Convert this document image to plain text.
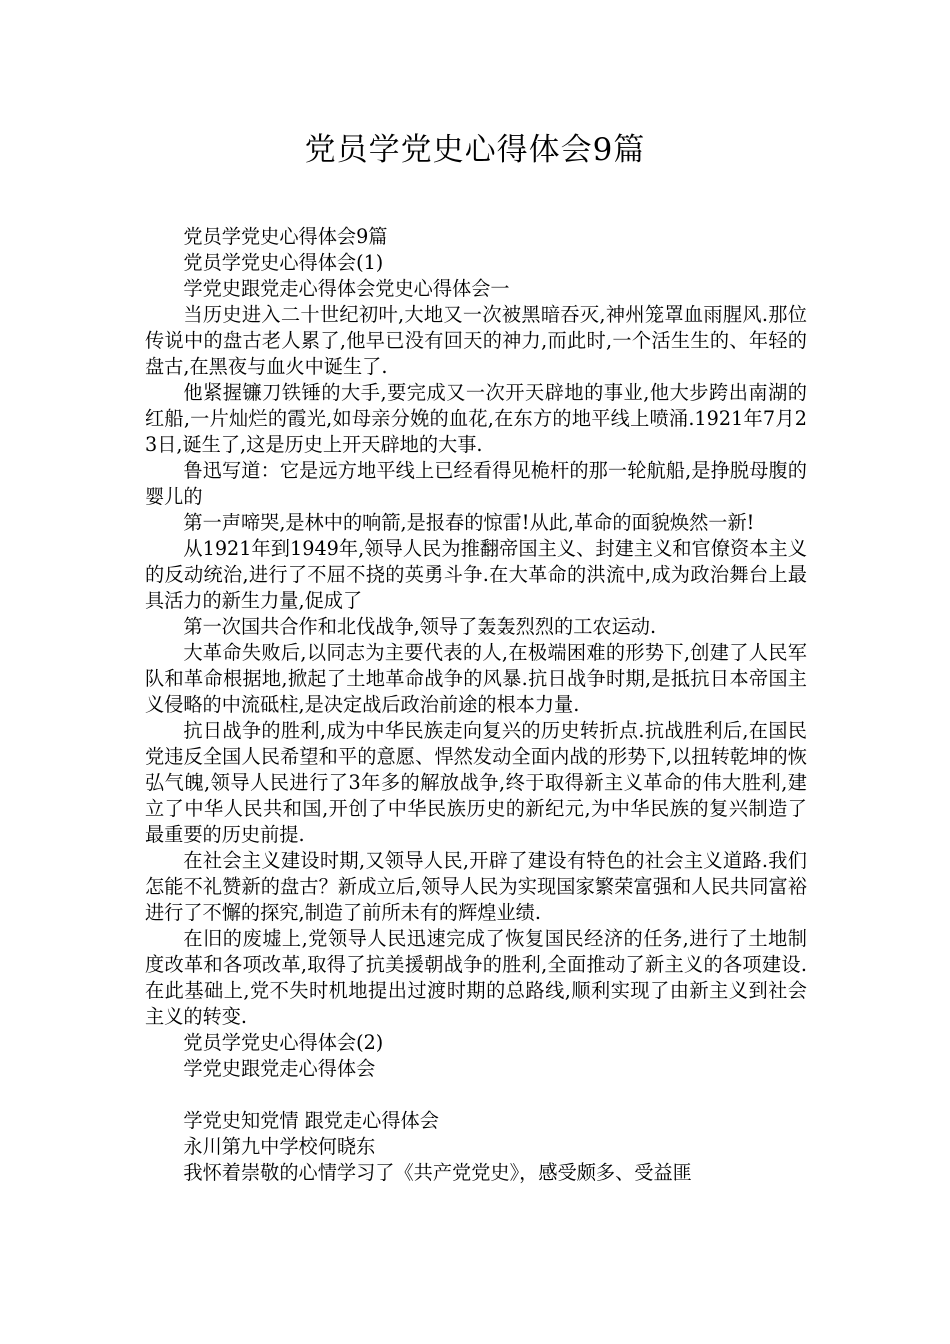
党员学党史心得体会9篇

党员学党史心得体会9篇

党员学党史心得体会(1)

学党史跟党走心得体会党史心得体会一

当历史进入二十世纪初叶,大地又一次被黑暗吞灭,神州笼罩血雨腥风.那位传说中的盘古老人累了,他早已没有回天的神力,而此时,一个活生生的、年轻的盘古,在黑夜与血火中诞生了.

他紧握镰刀铁锤的大手,要完成又一次开天辟地的事业,他大步跨出南湖的红船,一片灿烂的霞光,如母亲分娩的血花,在东方的地平线上喷涌.1921年7月23日,诞生了,这是历史上开天辟地的大事.

鲁迅写道：它是远方地平线上已经看得见桅杆的那一轮航船,是挣脱母腹的婴儿的

第一声啼哭,是林中的响箭,是报春的惊雷!从此,革命的面貌焕然一新!

从1921年到1949年,领导人民为推翻帝国主义、封建主义和官僚资本主义的反动统治,进行了不屈不挠的英勇斗争.在大革命的洪流中,成为政治舞台上最具活力的新生力量,促成了

第一次国共合作和北伐战争,领导了轰轰烈烈的工农运动.

大革命失败后,以同志为主要代表的人,在极端困难的形势下,创建了人民军队和革命根据地,掀起了土地革命战争的风暴.抗日战争时期,是抵抗日本帝国主义侵略的中流砥柱,是决定战后政治前途的根本力量.

抗日战争的胜利,成为中华民族走向复兴的历史转折点.抗战胜利后,在国民党违反全国人民希望和平的意愿、悍然发动全面内战的形势下,以扭转乾坤的恢弘气魄,领导人民进行了3年多的解放战争,终于取得新主义革命的伟大胜利,建立了中华人民共和国,开创了中华民族历史的新纪元,为中华民族的复兴制造了最重要的历史前提.

在社会主义建设时期,又领导人民,开辟了建设有特色的社会主义道路.我们怎能不礼赞新的盘古？新成立后,领导人民为实现国家繁荣富强和人民共同富裕进行了不懈的探究,制造了前所未有的辉煌业绩.

在旧的废墟上,党领导人民迅速完成了恢复国民经济的任务,进行了土地制度改革和各项改革,取得了抗美援朝战争的胜利,全面推动了新主义的各项建设.在此基础上,党不失时机地提出过渡时期的总路线,顺利实现了由新主义到社会主义的转变.

党员学党史心得体会(2)

学党史跟党走心得体会

学党史知党情 跟党走心得体会

永川第九中学校何晓东

我怀着崇敬的心情学习了《共产党党史》，感受颇多、受益匪
